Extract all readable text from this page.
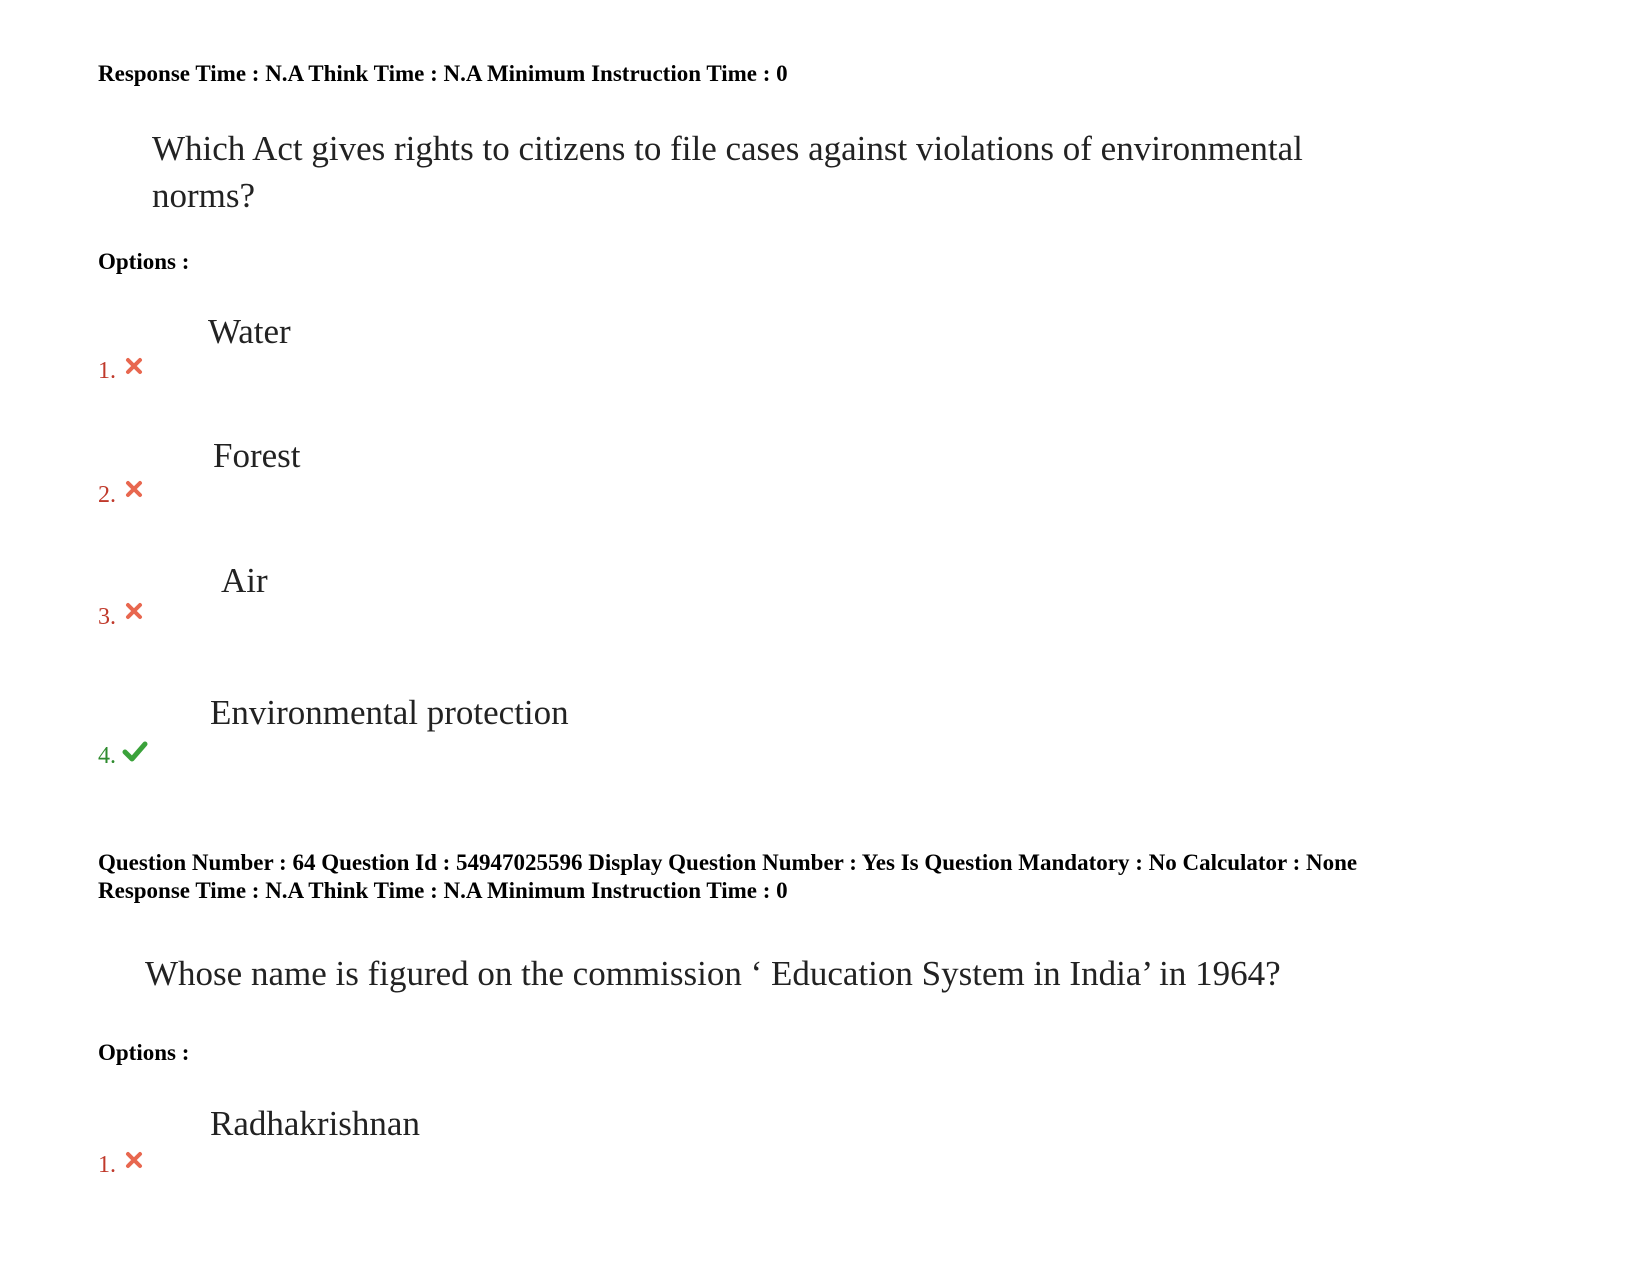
Response Time : N.A Think Time : N.A Minimum Instruction Time : 0
Which Act gives rights to citizens to file cases against violations of environmental
norms?
Options :
Water
1.
Forest
2.
Air
3.
Environmental protection
4.
Question Number : 64 Question Id : 54947025596 Display Question Number : Yes Is Question Mandatory : No Calculator : None
Response Time : N.A Think Time : N.A Minimum Instruction Time : 0
Whose name is figured on the commission ‘ Education System in India’ in 1964?
Options :
Radhakrishnan
1.
